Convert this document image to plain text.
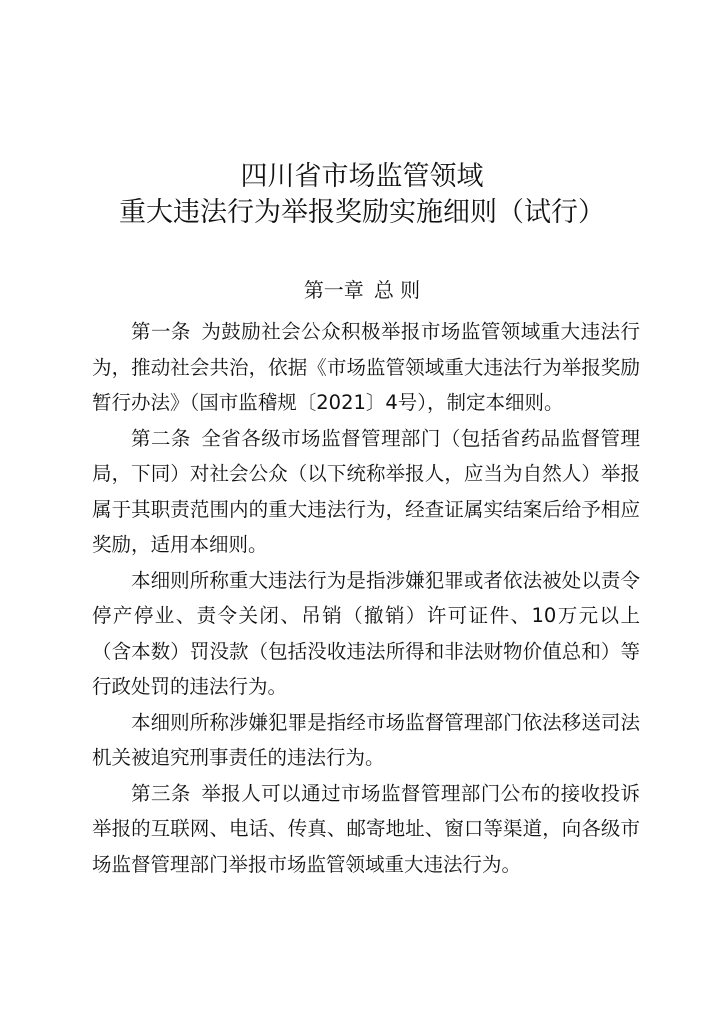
四川省市场监管领域
重大违法行为举报奖励实施细则（试行）
第一章 总 则

第一条 为鼓励社会公众积极举报市场监管领域重大违法行为，推动社会共治，依据《市场监管领域重大违法行为举报奖励暂行办法》（国市监稽规〔2021〕4号），制定本细则。

第二条 全省各级市场监督管理部门（包括省药品监督管理局，下同）对社会公众（以下统称举报人，应当为自然人）举报属于其职责范围内的重大违法行为，经查证属实结案后给予相应奖励，适用本细则。

本细则所称重大违法行为是指涉嫌犯罪或者依法被处以责令停产停业、责令关闭、吊销（撤销）许可证件、10万元以上（含本数）罚没款（包括没收违法所得和非法财物价值总和）等行政处罚的违法行为。

本细则所称涉嫌犯罪是指经市场监督管理部门依法移送司法机关被追究刑事责任的违法行为。

第三条 举报人可以通过市场监督管理部门公布的接收投诉举报的互联网、电话、传真、邮寄地址、窗口等渠道，向各级市场监督管理部门举报市场监管领域重大违法行为。
